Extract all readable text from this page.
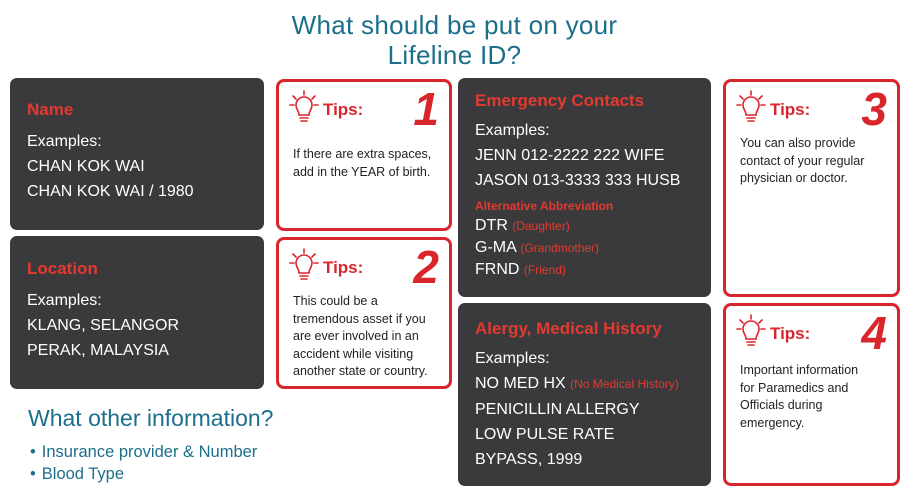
What should be put on your
Lifeline ID?
Name
Examples:
CHAN KOK WAI
CHAN KOK WAI / 1980
Location
Examples:
KLANG, SELANGOR
PERAK, MALAYSIA
Emergency Contacts
Examples:
JENN 012-2222 222 WIFE
JASON 013-3333 333 HUSB
Alternative Abbreviation
DTR (Daughter)
G-MA (Grandmother)
FRND (Friend)
Alergy, Medical History
Examples:
NO MED HX (No Medical History)
PENICILLIN ALLERGY
LOW PULSE RATE
BYPASS, 1999
Tips: 1
If there are extra spaces, add in the YEAR of birth.
Tips: 2
This could be a tremendous asset if you are ever involved in an accident while visiting another state or country.
Tips: 3
You can also provide contact of your regular physician or doctor.
Tips: 4
Important information for Paramedics and Officials during emergency.
What other information?
• Insurance provider & Number
• Blood Type
